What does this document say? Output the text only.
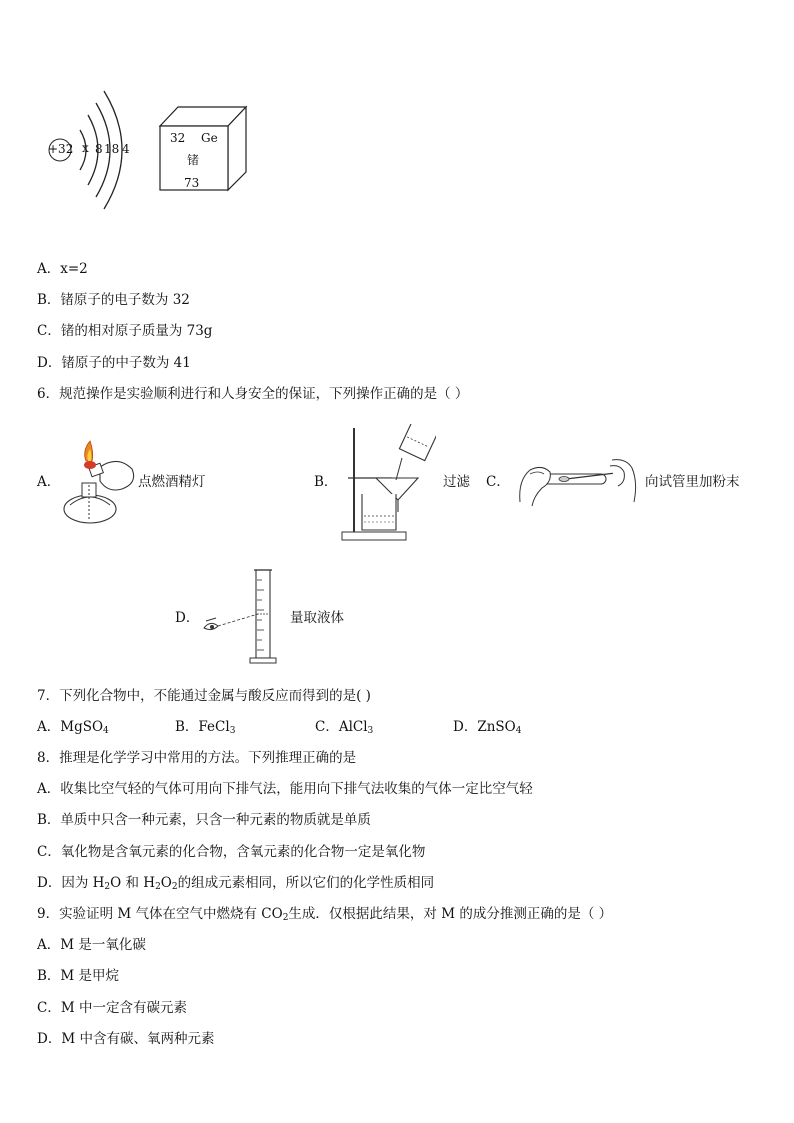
+32 x 8 18 4
32 Ge
锗
73
A．x=2
B．锗原子的电子数为 32
C．锗的相对原子质量为 73g
D．锗原子的中子数为 41
6．规范操作是实验顺利进行和人身安全的保证，下列操作正确的是（ ）
A．	点燃酒精灯	B．	过滤 C．	向试管里加粉末
D．	量取液体
7．下列化合物中，不能通过金属与酸反应而得到的是( )
A．MgSO$_4$	B．FeCl$_3$	C．AlCl$_3$	D．ZnSO$_4$
8．推理是化学学习中常用的方法。下列推理正确的是
A．收集比空气轻的气体可用向下排气法，能用向下排气法收集的气体一定比空气轻
B．单质中只含一种元素，只含一种元素的物质就是单质
C．氧化物是含氧元素的化合物，含氧元素的化合物一定是氧化物
D．因为 $H_2O$ 和 $H_2O_2$的组成元素相同，所以它们的化学性质相同
9．实验证明 M 气体在空气中燃烧有 $CO_2$生成．仅根据此结果，对 M 的成分推测正确的是（ ）
A．M 是一氧化碳
B．M 是甲烷
C．M 中一定含有碳元素
D．M 中含有碳、氧两种元素
